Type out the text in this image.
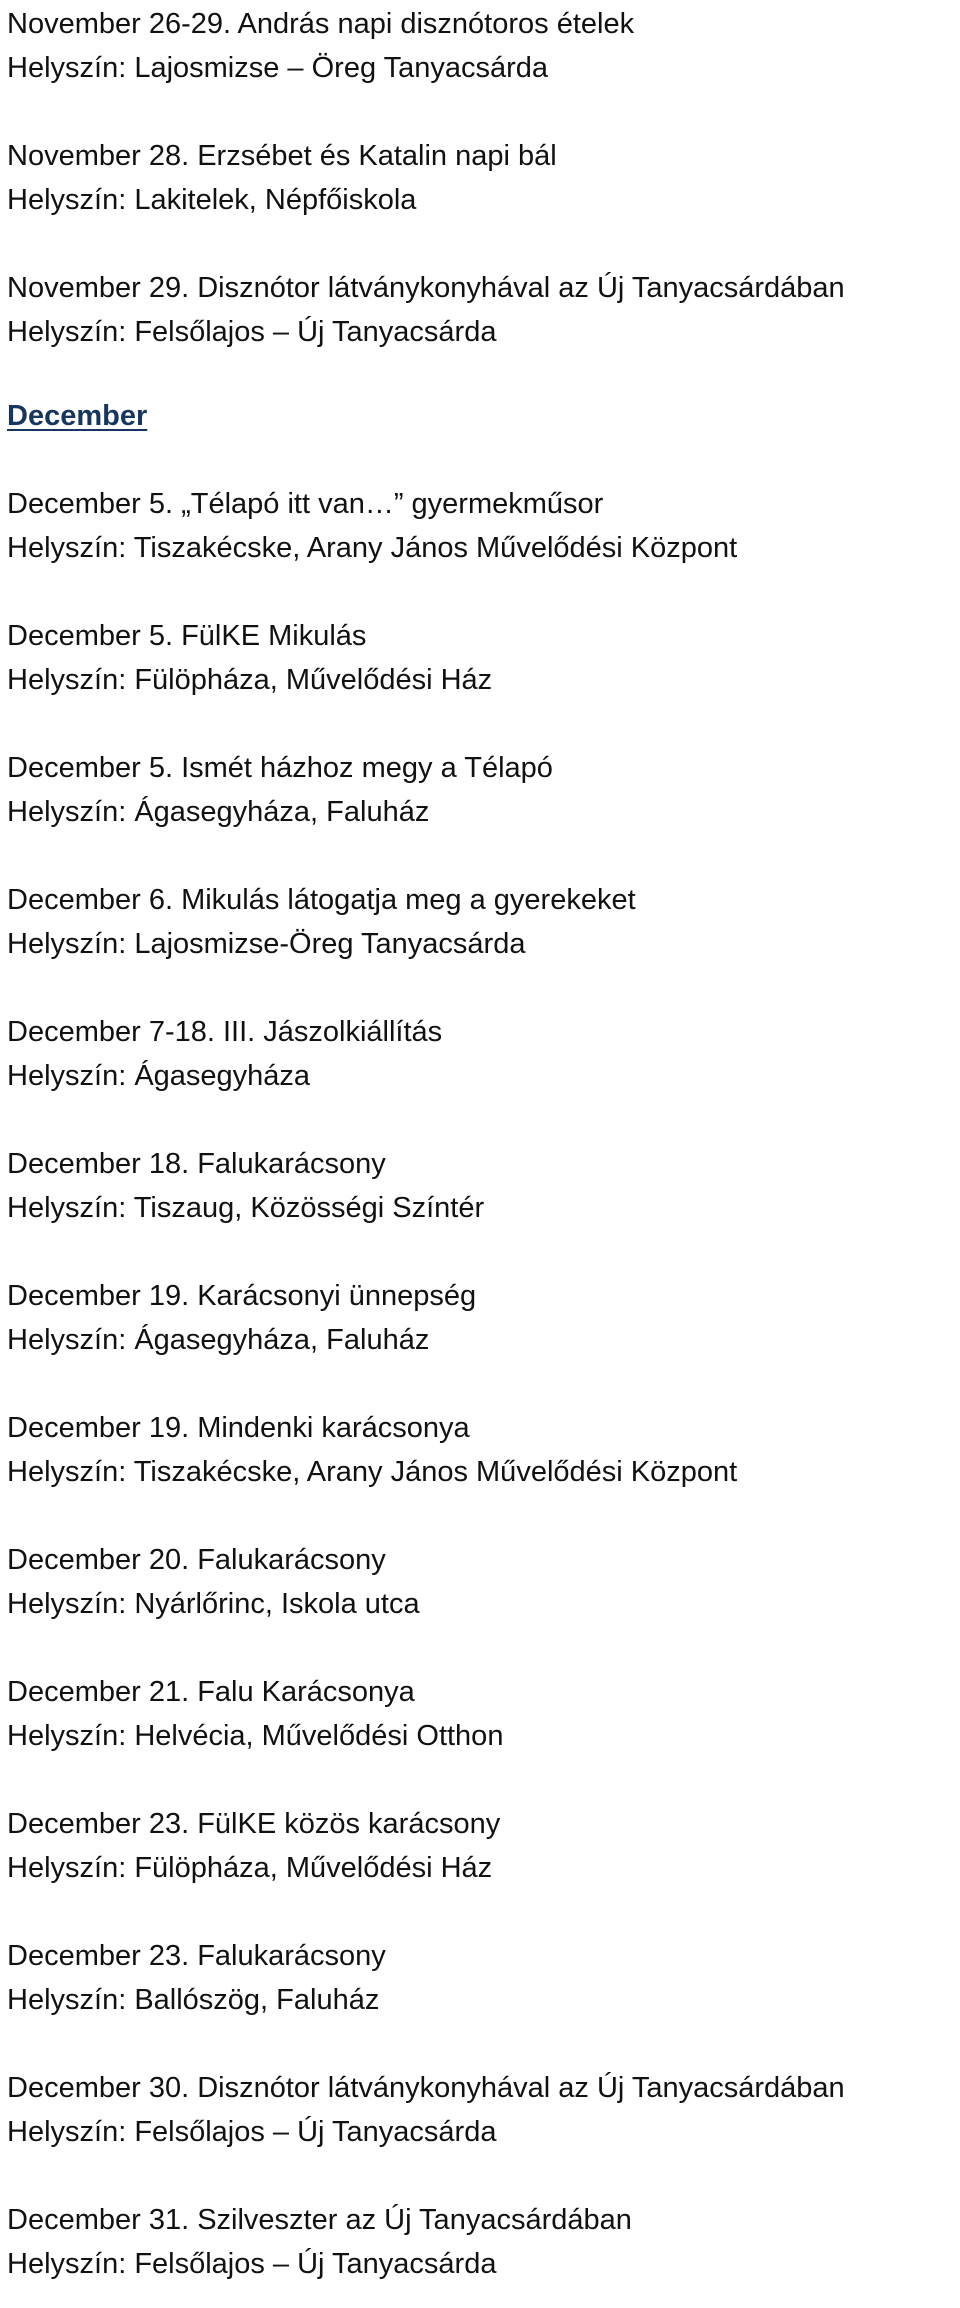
November 26-29. András napi disznótoros ételek
Helyszín: Lajosmizse – Öreg Tanyacsárda
November 28. Erzsébet és Katalin napi bál
Helyszín: Lakitelek, Népfőiskola
November 29. Disznótor látványkonyhával az Új Tanyacsárdában
Helyszín: Felsőlajos – Új Tanyacsárda
December
December 5. „Télapó itt van…” gyermekműsor
Helyszín: Tiszakécske, Arany János Művelődési Központ
December 5. FülKE Mikulás
Helyszín: Fülöpháza, Művelődési Ház
December 5. Ismét házhoz megy a Télapó
Helyszín: Ágasegyháza, Faluház
December 6. Mikulás látogatja meg a gyerekeket
Helyszín: Lajosmizse-Öreg Tanyacsárda
December 7-18. III. Jászolkiállítás
Helyszín: Ágasegyháza
December 18. Falukarácsony
Helyszín: Tiszaug, Közösségi Színtér
December 19. Karácsonyi ünnepség
Helyszín: Ágasegyháza, Faluház
December 19. Mindenki karácsonya
Helyszín: Tiszakécske, Arany János Művelődési Központ
December 20. Falukarácsony
Helyszín: Nyárlőrinc, Iskola utca
December 21. Falu Karácsonya
Helyszín: Helvécia, Művelődési Otthon
December 23. FülKE közös karácsony
Helyszín: Fülöpháza, Művelődési Ház
December 23. Falukarácsony
Helyszín: Ballószög, Faluház
December 30. Disznótor látványkonyhával az Új Tanyacsárdában
Helyszín: Felsőlajos – Új Tanyacsárda
December 31. Szilveszter az Új Tanyacsárdában
Helyszín: Felsőlajos – Új Tanyacsárda
